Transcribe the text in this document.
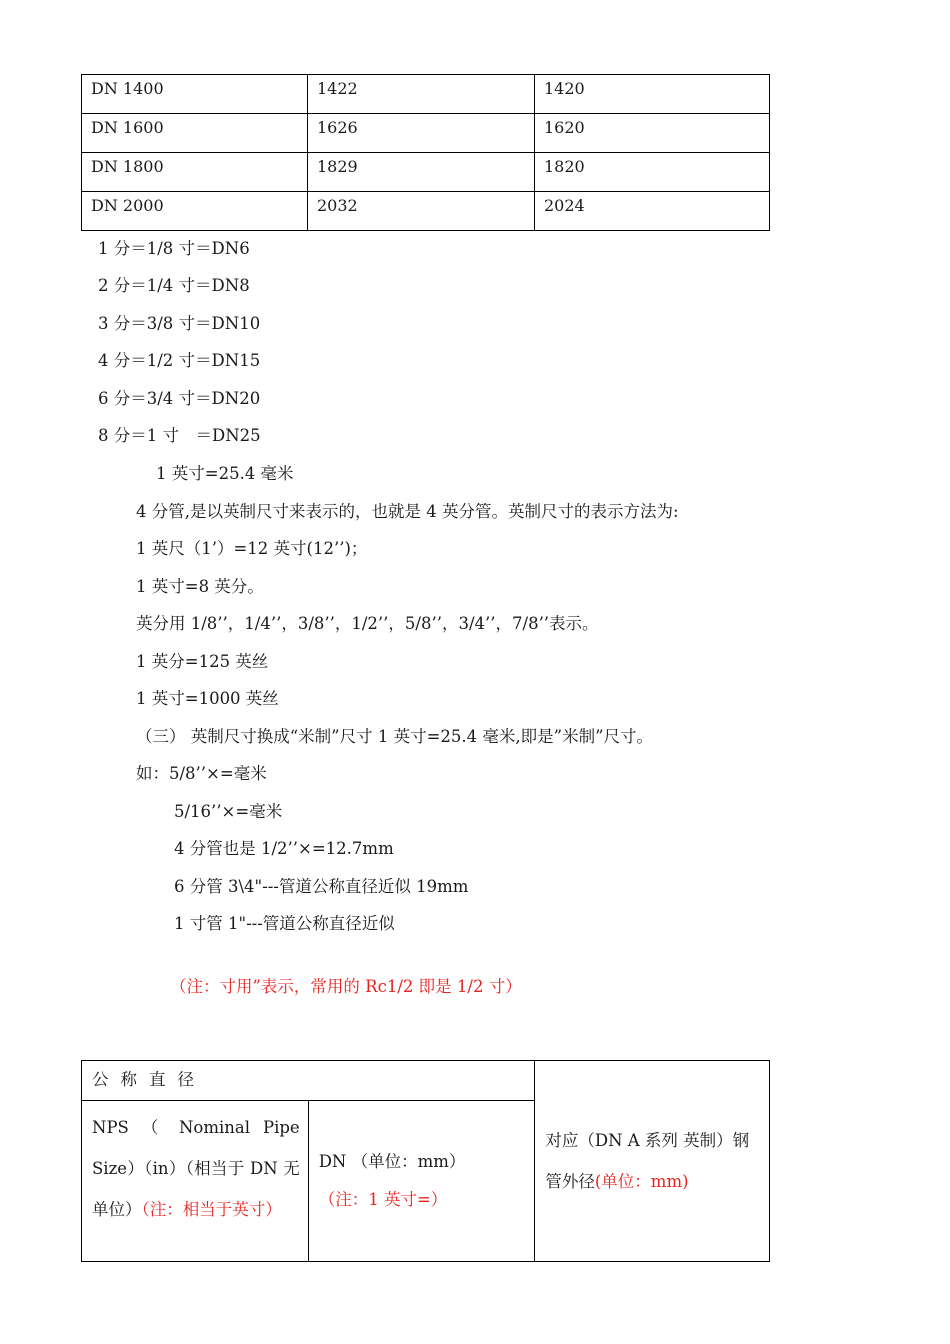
DN 1400	1422	1420
DN 1600	1626	1620
DN 1800	1829	1820
DN 2000	2032	2024
1 分＝1/8 寸＝DN6
2 分＝1/4 寸＝DN8
3 分＝3/8 寸＝DN10
4 分＝1/2 寸＝DN15
6 分＝3/4 寸＝DN20
8 分＝1 寸　＝DN25
1 英寸=25.4 毫米
4 分管,是以英制尺寸来表示的，也就是 4 英分管。英制尺寸的表示方法为:
1 英尺（1’）=12 英寸(12’’)；
1 英寸=8 英分。
英分用 1/8’’，1/4’’，3/8’’，1/2’’，5/8’’，3/4’’，7/8’’表示。
1 英分=125 英丝
1 英寸=1000 英丝
（三） 英制尺寸换成“米制”尺寸 1 英寸=25.4 毫米,即是”米制”尺寸。
如：5/8’’×=毫米
5/16’’×=毫米
4 分管也是 1/2’’×=12.7mm
6 分管 3\4"---管道公称直径近似 19mm
1 寸管 1"---管道公称直径近似
（注：寸用”表示，常用的 Rc1/2 即是 1/2 寸）
公称直径		对应（DN A 系列 英制）钢管外径(单位：mm)
NPS （ Nominal Pipe Size）（in）（相当于 DN 无单位）（注：相当于英寸）	DN （单位：mm）
（注：1 英寸=）	
